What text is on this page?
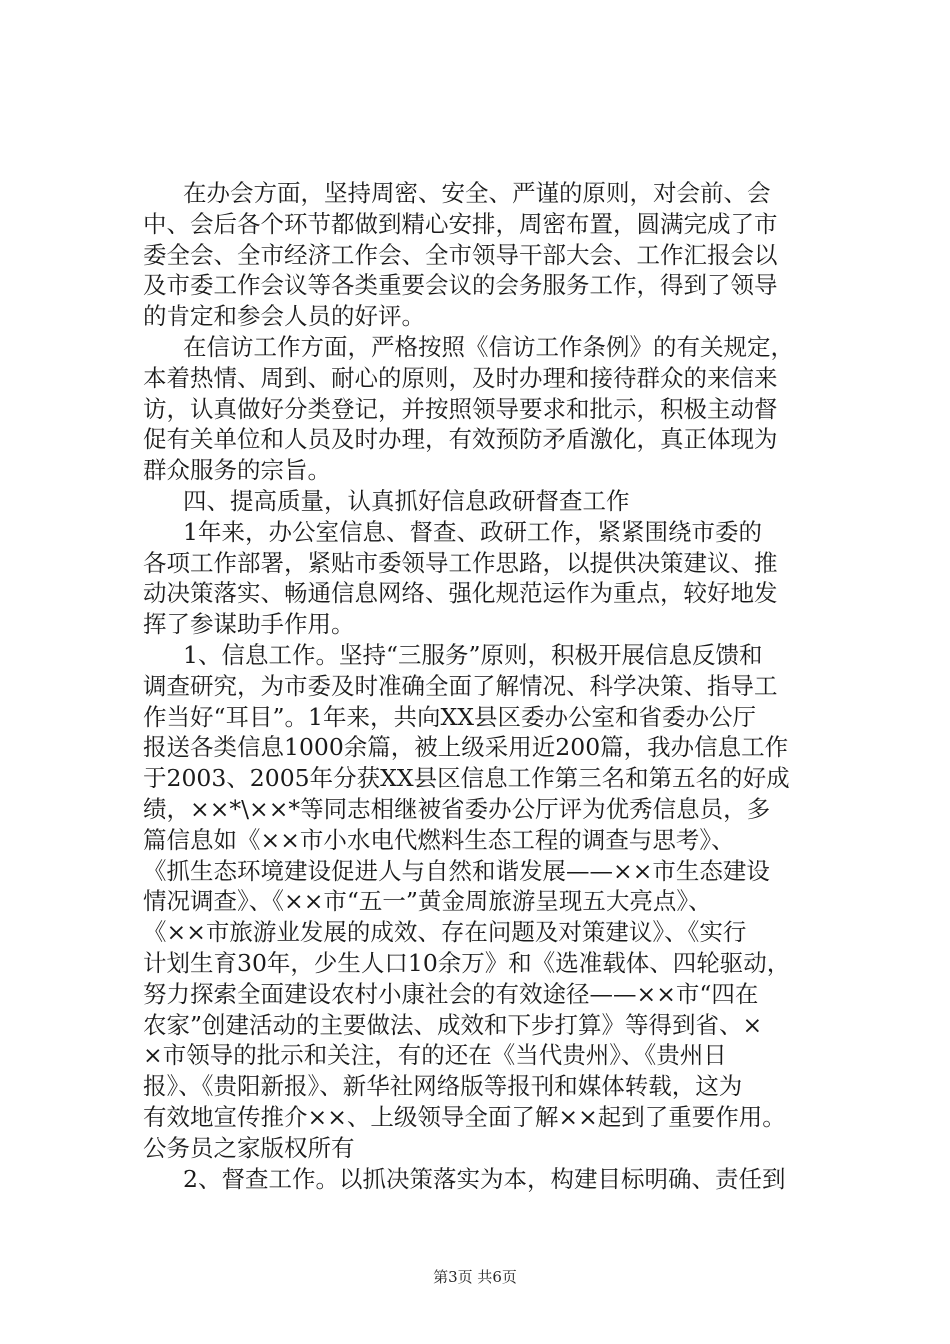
在办会方面，坚持周密、安全、严谨的原则，对会前、会
中、会后各个环节都做到精心安排，周密布置，圆满完成了市
委全会、全市经济工作会、全市领导干部大会、工作汇报会以
及市委工作会议等各类重要会议的会务服务工作，得到了领导
的肯定和参会人员的好评。
在信访工作方面，严格按照《信访工作条例》的有关规定，
本着热情、周到、耐心的原则，及时办理和接待群众的来信来
访，认真做好分类登记，并按照领导要求和批示，积极主动督
促有关单位和人员及时办理，有效预防矛盾激化，真正体现为
群众服务的宗旨。
四、提高质量，认真抓好信息政研督查工作
1年来，办公室信息、督查、政研工作，紧紧围绕市委的
各项工作部署，紧贴市委领导工作思路，以提供决策建议、推
动决策落实、畅通信息网络、强化规范运作为重点，较好地发
挥了参谋助手作用。
1、信息工作。坚持“三服务”原则，积极开展信息反馈和
调查研究，为市委及时准确全面了解情况、科学决策、指导工
作当好“耳目”。1年来，共向XX县区委办公室和省委办公厅
报送各类信息1000余篇，被上级采用近200篇，我办信息工作
于2003、2005年分获XX县区信息工作第三名和第五名的好成
绩，××*\××*等同志相继被省委办公厅评为优秀信息员，多
篇信息如《××市小水电代燃料生态工程的调查与思考》、
《抓生态环境建设促进人与自然和谐发展——××市生态建设
情况调查》、《××市“五一”黄金周旅游呈现五大亮点》、
《××市旅游业发展的成效、存在问题及对策建议》、《实行
计划生育30年，少生人口10余万》和《选准载体、四轮驱动，
努力探索全面建设农村小康社会的有效途径——××市“四在
农家”创建活动的主要做法、成效和下步打算》等得到省、×
×市领导的批示和关注，有的还在《当代贵州》、《贵州日
报》、《贵阳新报》、新华社网络版等报刊和媒体转载，这为
有效地宣传推介××、上级领导全面了解××起到了重要作用。
公务员之家版权所有
2、督查工作。以抓决策落实为本，构建目标明确、责任到
第3页 共6页
